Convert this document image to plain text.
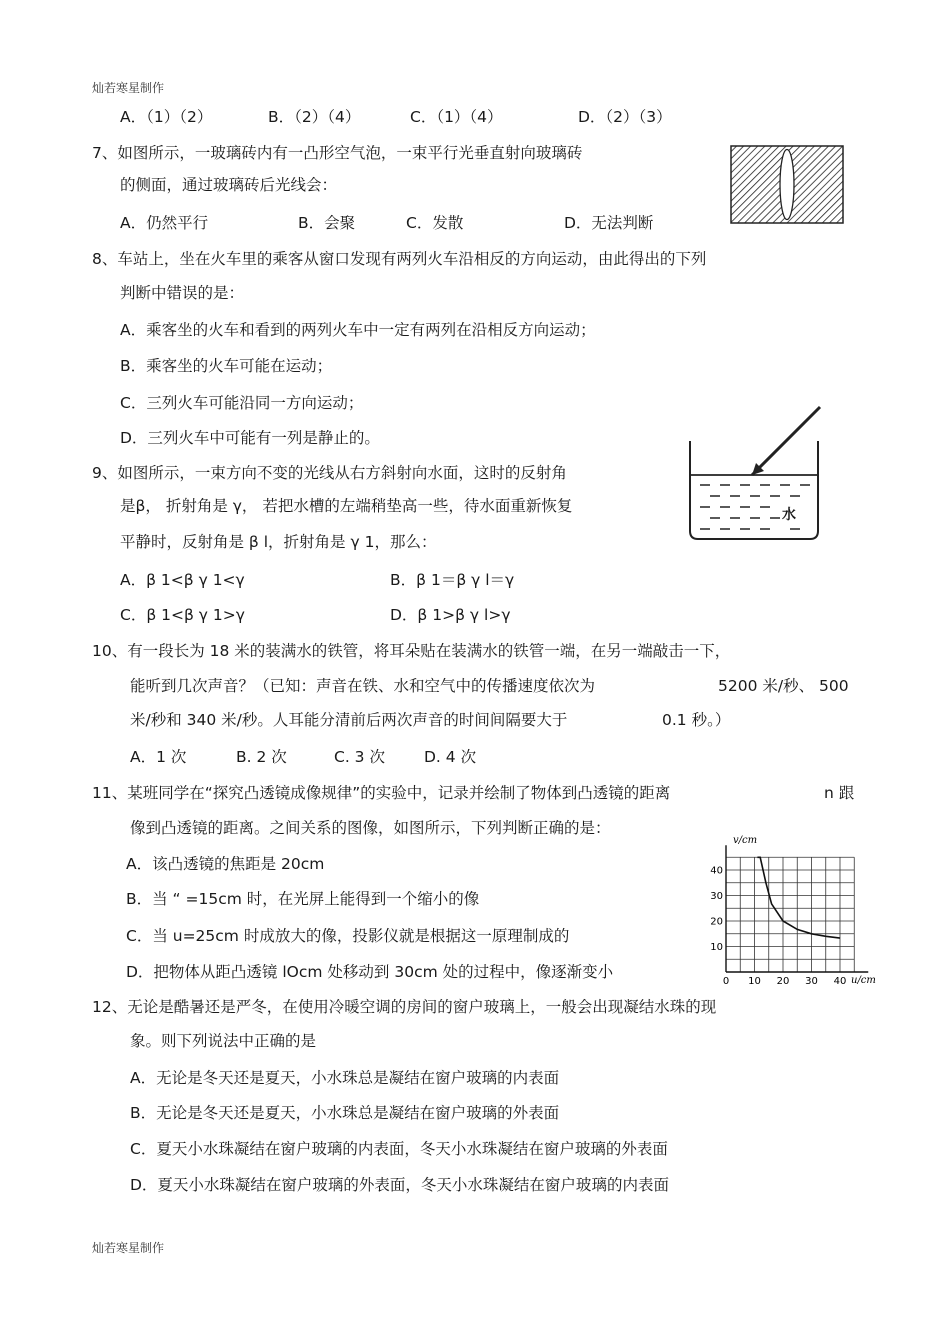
灿若寒星制作
灿若寒星制作
A．（1）（2）	B．（2）（4）	C．（1）（4）	D．（2）（3）
7、如图所示，一玻璃砖内有一凸形空气泡，一束平行光垂直射向玻璃砖
的侧面，通过玻璃砖后光线会：
A．仍然平行	B．会聚	C．发散	D．无法判断
8、车站上，坐在火车里的乘客从窗口发现有两列火车沿相反的方向运动，由此得出的下列
判断中错误的是：
A．乘客坐的火车和看到的两列火车中一定有两列在沿相反方向运动；
B．乘客坐的火车可能在运动；
C．三列火车可能沿同一方向运动；
D．三列火车中可能有一列是静止的。
9、如图所示，一束方向不变的光线从右方斜射向水面，这时的反射角
是β， 折射角是 γ， 若把水槽的左端稍垫高一些，待水面重新恢复
平静时，反射角是 β l，折射角是 γ 1，那么：
A．β 1<β γ 1<γ	B．β 1＝β γ l＝γ
C．β 1<β γ 1>γ	D．β 1>β γ l>γ
水
10、有一段长为 18 米的装满水的铁管，将耳朵贴在装满水的铁管一端，在另一端敲击一下，
能听到几次声音？（已知：声音在铁、水和空气中的传播速度依次为	5200 米/秒、 500
米/秒和 340 米/秒。人耳能分清前后两次声音的时间间隔要大于	0.1 秒。）
A．1 次	B. 2 次	C. 3 次	D. 4 次
11、某班同学在“探究凸透镜成像规律”的实验中，记录并绘制了物体到凸透镜的距离	n 跟
像到凸透镜的距离。之间关系的图像，如图所示，下列判断正确的是：
A．该凸透镜的焦距是 20cm
B．当 “ =15cm 时，在光屏上能得到一个缩小的像
C．当 u=25cm 时成放大的像，投影仪就是根据这一原理制成的
D．把物体从距凸透镜 lOcm 处移动到 30cm 处的过程中，像逐渐变小
0 10 20 30 40
10
20
30
40
v/cm
u/cm
12、无论是酷暑还是严冬，在使用冷暖空调的房间的窗户玻璃上，一般会出现凝结水珠的现
象。则下列说法中正确的是
A．无论是冬天还是夏天，小水珠总是凝结在窗户玻璃的内表面
B．无论是冬天还是夏天，小水珠总是凝结在窗户玻璃的外表面
C．夏天小水珠凝结在窗户玻璃的内表面，冬天小水珠凝结在窗户玻璃的外表面
D．夏天小水珠凝结在窗户玻璃的外表面，冬天小水珠凝结在窗户玻璃的内表面
